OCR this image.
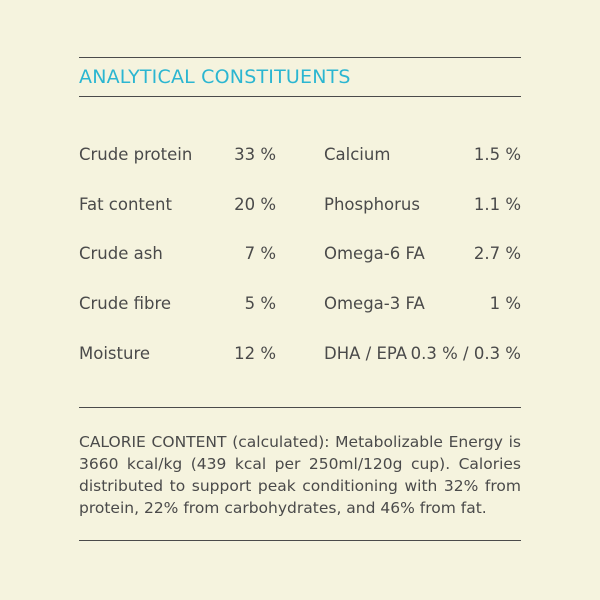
ANALYTICAL CONSTITUENTS
Crude protein	33 %
Fat content	20 %
Crude ash	7 %
Crude fibre	5 %
Moisture	12 %
Calcium	1.5 %
Phosphorus	1.1 %
Omega-6 FA	2.7 %
Omega-3 FA	1 %
DHA / EPA 0.3 % / 0.3 %
CALORIE CONTENT (calculated): Metabolizable Energy is 3660 kcal/kg (439 kcal per 250ml/120g cup). Calories distributed to support peak conditioning with 32% from protein, 22% from carbohydrates, and 46% from fat.
